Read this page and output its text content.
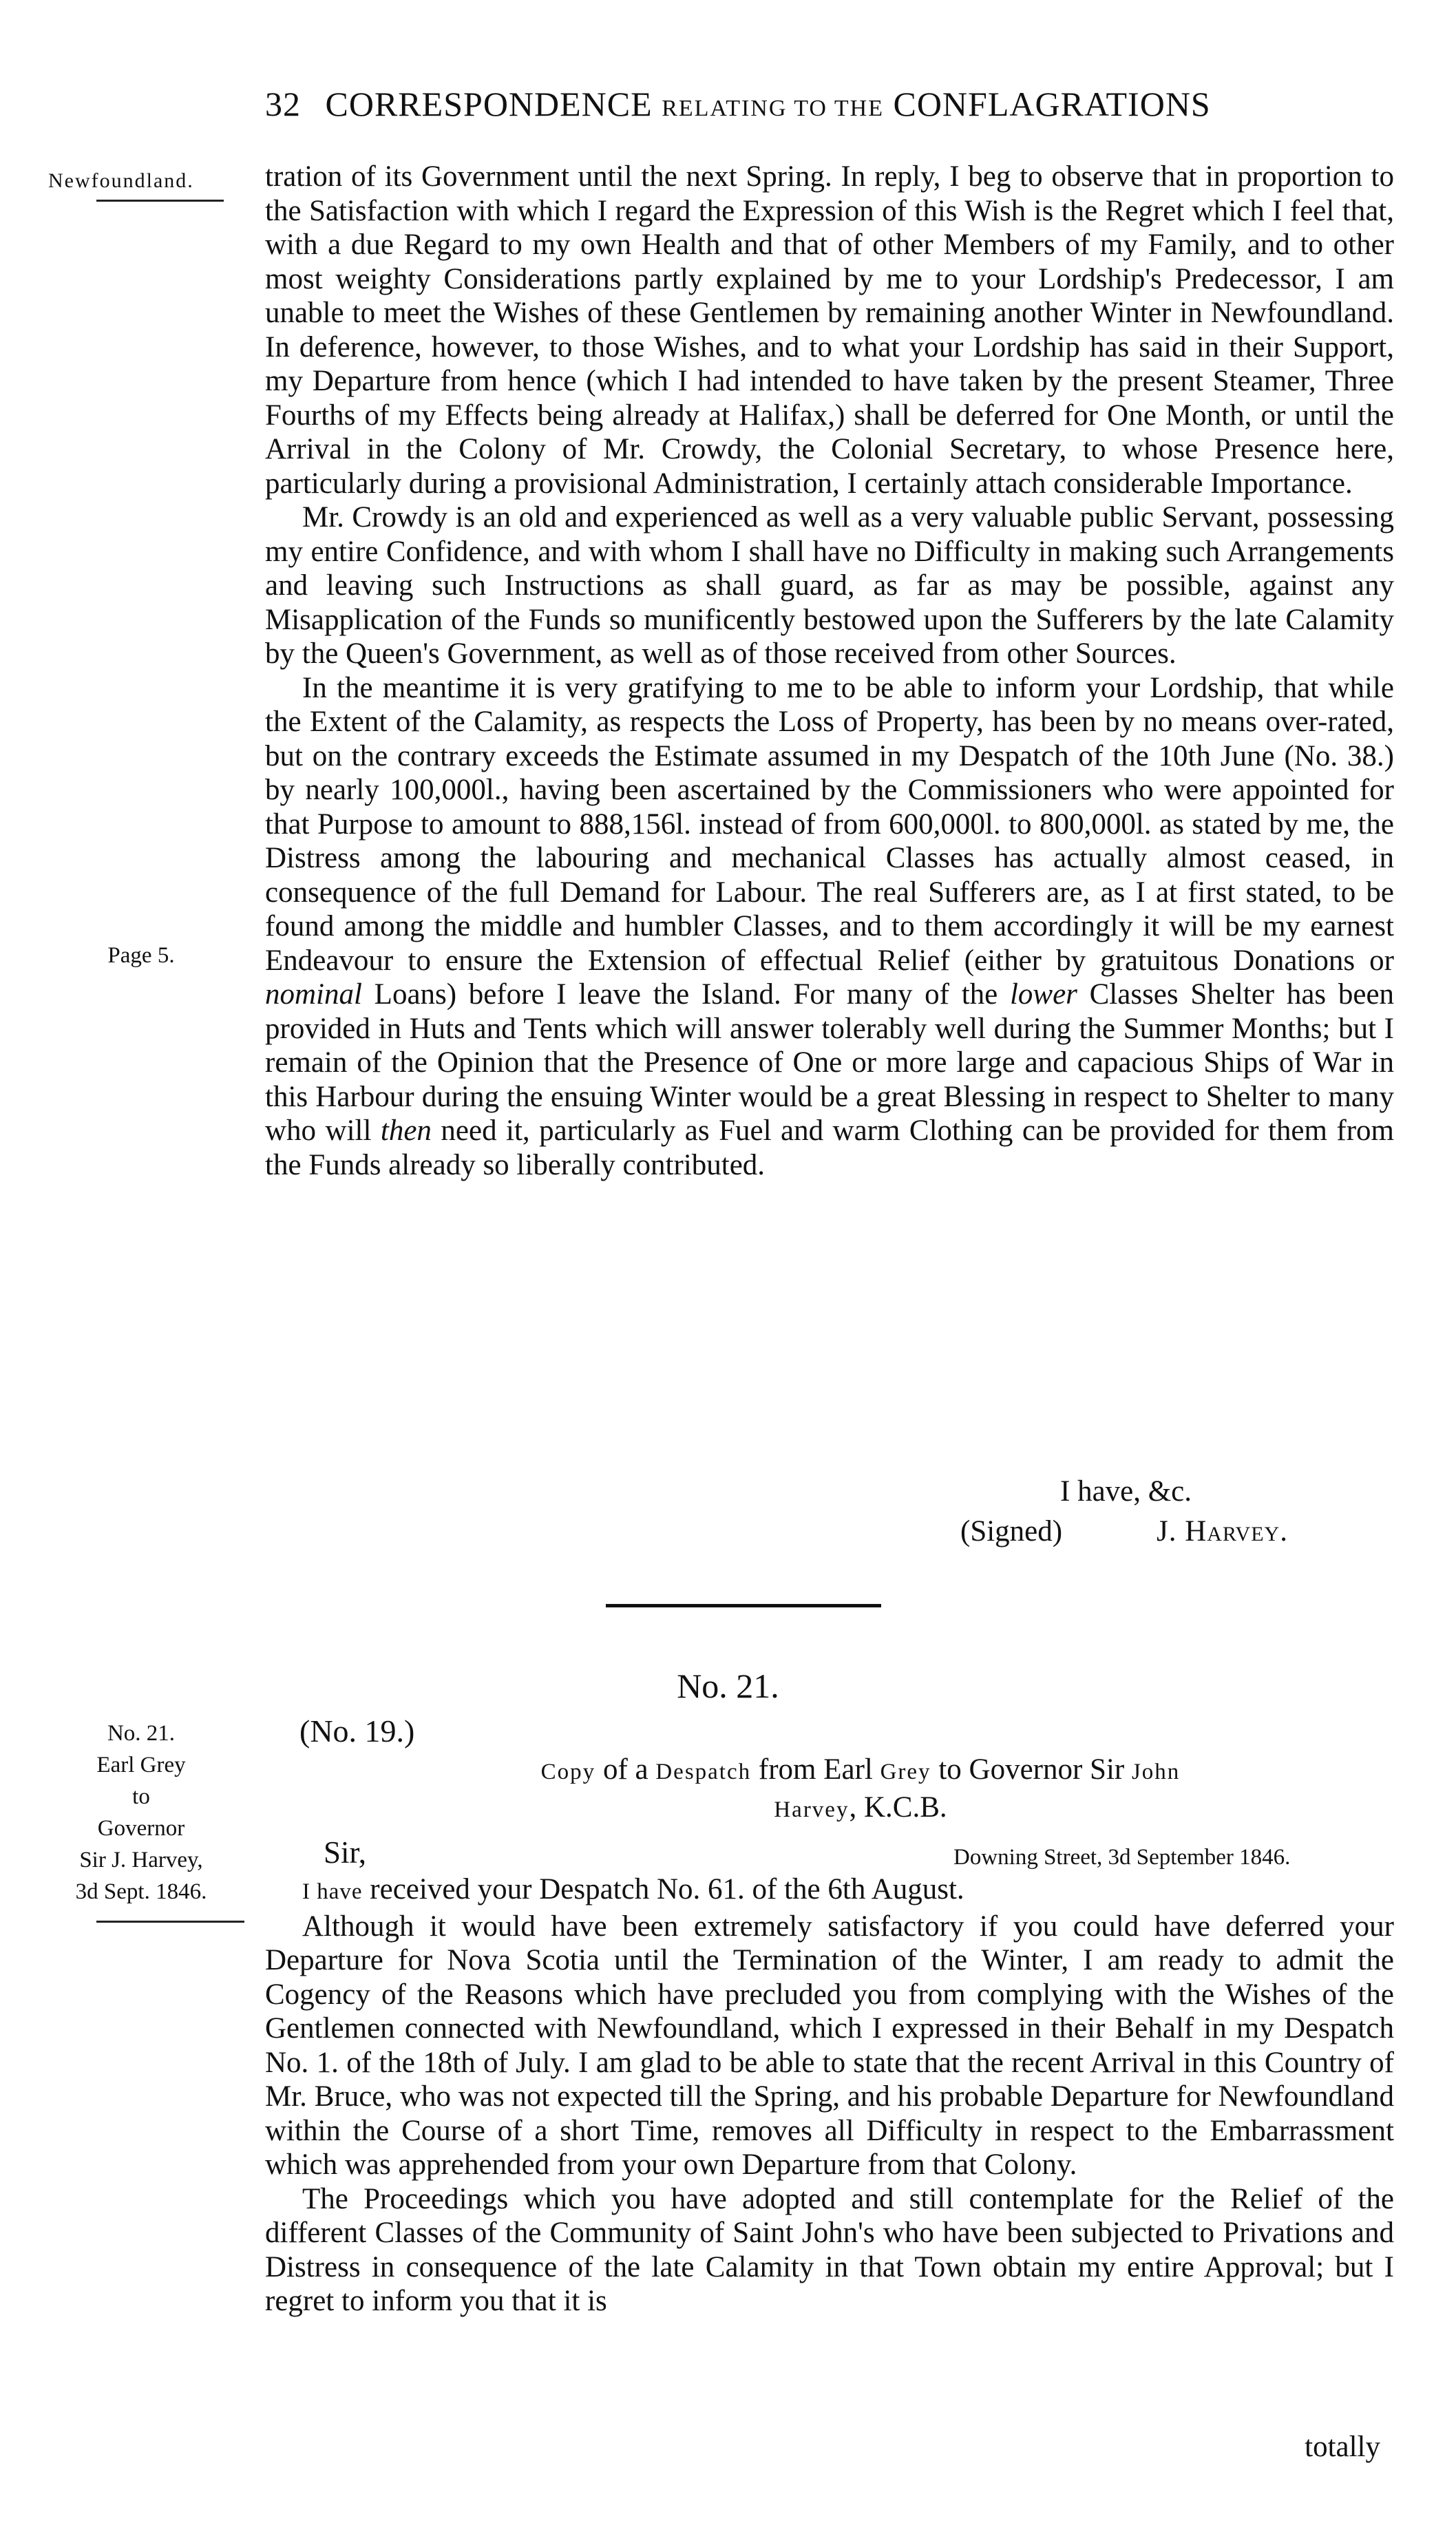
32 CORRESPONDENCE RELATING TO THE CONFLAGRATIONS
Newfoundland.
Page 5.

tration of its Government until the next Spring. In reply, I beg to observe that in proportion to the Satisfaction with which I regard the Expression of this Wish is the Regret which I feel that, with a due Regard to my own Health and that of other Members of my Family, and to other most weighty Considerations partly explained by me to your Lordship's Predecessor, I am unable to meet the Wishes of these Gentlemen by remaining another Winter in Newfoundland. In deference, however, to those Wishes, and to what your Lordship has said in their Support, my Departure from hence (which I had intended to have taken by the present Steamer, Three Fourths of my Effects being already at Halifax,) shall be deferred for One Month, or until the Arrival in the Colony of Mr. Crowdy, the Colonial Secretary, to whose Presence here, particularly during a provisional Administration, I certainly attach considerable Importance.

Mr. Crowdy is an old and experienced as well as a very valuable public Servant, possessing my entire Confidence, and with whom I shall have no Difficulty in making such Arrangements and leaving such Instructions as shall guard, as far as may be possible, against any Misapplication of the Funds so munificently bestowed upon the Sufferers by the late Calamity by the Queen's Government, as well as of those received from other Sources.

In the meantime it is very gratifying to me to be able to inform your Lordship, that while the Extent of the Calamity, as respects the Loss of Property, has been by no means over-rated, but on the contrary exceeds the Estimate assumed in my Despatch of the 10th June (No. 38.) by nearly 100,000l., having been ascertained by the Commissioners who were appointed for that Purpose to amount to 888,156l. instead of from 600,000l. to 800,000l. as stated by me, the Distress among the labouring and mechanical Classes has actually almost ceased, in consequence of the full Demand for Labour. The real Sufferers are, as I at first stated, to be found among the middle and humbler Classes, and to them accordingly it will be my earnest Endeavour to ensure the Extension of effectual Relief (either by gratuitous Donations or nominal Loans) before I leave the Island. For many of the lower Classes Shelter has been provided in Huts and Tents which will answer tolerably well during the Summer Months; but I remain of the Opinion that the Presence of One or more large and capacious Ships of War in this Harbour during the ensuing Winter would be a great Blessing in respect to Shelter to many who will then need it, particularly as Fuel and warm Clothing can be provided for them from the Funds already so liberally contributed.

I have, &c.
(Signed)	J. Harvey.
No. 21.
No. 21.
Earl Grey
to
Governor
Sir J. Harvey,
3d Sept. 1846.
(No. 19.)
Copy of a Despatch from Earl Grey to Governor Sir John
Harvey, K.C.B.
Sir,	Downing Street, 3d September 1846.

I have received your Despatch No. 61. of the 6th August.

Although it would have been extremely satisfactory if you could have deferred your Departure for Nova Scotia until the Termination of the Winter, I am ready to admit the Cogency of the Reasons which have precluded you from complying with the Wishes of the Gentlemen connected with Newfoundland, which I expressed in their Behalf in my Despatch No. 1. of the 18th of July. I am glad to be able to state that the recent Arrival in this Country of Mr. Bruce, who was not expected till the Spring, and his probable Departure for Newfoundland within the Course of a short Time, removes all Difficulty in respect to the Embarrassment which was apprehended from your own Departure from that Colony.

The Proceedings which you have adopted and still contemplate for the Relief of the different Classes of the Community of Saint John's who have been subjected to Privations and Distress in consequence of the late Calamity in that Town obtain my entire Approval; but I regret to inform you that it is

totally
